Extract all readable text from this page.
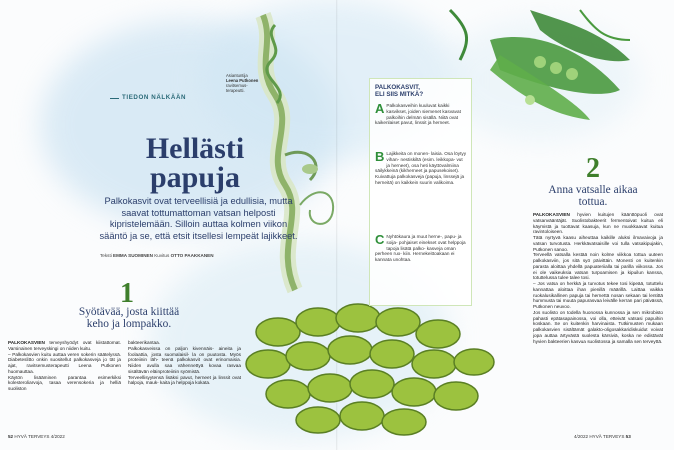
TIEDON NÄLKÄÄN
Hellästi
papuja
Palkokasvit ovat terveellisiä ja edullisia, mutta saavat tottumattoman vatsan helposti kipristelemään. Silloin auttaa kolmen viikon sääntö ja se, että etsit itsellesi lempeät lajikkeet.
Teksti EMMA SUOMINEN Kuvitus OTTO PAAKKANEN
Asiantuntija
Leena Putkonen
ravitsemus-
terapeutti.
1
Syötävää, josta kiittää keho ja lompakko.
PALKOKASVIEN terveyshyödyt ovat kiistattomat. Varsinainen terveyskingi on niiden kuitu.
– Palkokasvien kuitu auttaa veren sokerin säätelyssä. Diabeteslitto onkin suositellut palkokasveja jo tät ja ajat, ravitsemusterapeutti Leena Putkonen huomauttaa.
Käytön lisääminen parantaa esimerkiksi kolesteroliarvoja, tasaa verensokeria ja helliä suoliston
bakteerikantaa.
Palkokasveissa on paljon kivennäis- aineita ja foolaattia, josta suomalaisil- la on puutosta. Myös proteiinin läh- teenä palkokasvit ovat erinomaisia. Niiden avulla saa vähennettyä kovaa rasvaa sisältävän eläinproteiinin syömistä.
Terveellisyytensä lisäksi pavut, herneet ja linssit ovat halpoja, mauk- kaita ja helppoja kokata.
52 HYVÄ TERVEYS 4/2022
PALKOKASVIT,
ELI SIIS MITKÄ?
A Palkokasveihin kuuluvat kaikki kasvikset, joiden siemenet kasvavat palkoihin delmän sisällä. Niitä ovat kaikenlaiset pavut, linssit ja herneet.
B Lajikkeita on monen- laisia. Osa löytyy vihan- nestiskiltä (esim. leikkopa- vut ja herneet), osa heti käyttövalmiina säilykkeinä (kikherneet ja papusekoiset). Kuivattuja palkokasveja (papuja, linssejä ja herneitä) on kaikkein suurin valikoima.
C Nyhtökaura ja muut herne-, papu- ja soija- pohjaiset einekset ovat helppoja tapoja lisätä palko- kasveja oman perheen ruo- kiin. Hernekeittoakaan ei kannata unohtaa.
2
Anna vatsalle aikaa tottua.
PALKOKASVIEN hyvien kuitujen käänttöpuoli ovat vatsanvääntäjät. Suolistobakteerit fermentoivat kuitua eli käymistä ja tuottavat kaasuja, kun ne muokkaavat kuitua ravintoloiseen.
Tätä nyrtyvä kaasu aiheuttaa kaikille aluksi ilmavaivoja ja vatsan turvotusta. Herkkävatsaisille voi tulla vatsakipujakin, Putkonen sanoo.
Terveellä vatsalla kestää noin kolme viikkoa tottua uuteen palkokasviin, jos sitä syö päivittäin. Monesti on kuitenkin parasta aloittaa yhdellä papuateriialla tai parilla viikossa. Jos ei ole vaikeuksia vatsan turpoamisen ja kipuilun kanssa, totuttelussa tulee talee tosi.
– Jos vatsa on herkkä ja turvotus tekee tosi kipeää, totuttelu kannattaa aloittaa ihan pienillä määrillä. Laittaa vaikka ruokalusikallinen papuja tai hernettä nosan sekaan tai lentittä hummusta tai muuta papurasvaa leivälle kerran pari päivässä, Putkonen neuvoo.
Jos suolisto on todella huonossa kunnossa ja sen mikrobisto pahasti epätasapainossa, voi olla, etteivät vatsasi papuihin koskaan. Se on kuitenkin harvinaista. Tutkimusten mukaan palkokasvien sisältämät galakto-oligosakkaridiskuidut voivat jopa auttaa ärtyvästä suolesta kärsiviä, koska ne edistävät hyvien bakteerien kasvua suolistossa ja samalla sen terveyttä.
4/2022 HYVÄ TERVEYS 53
